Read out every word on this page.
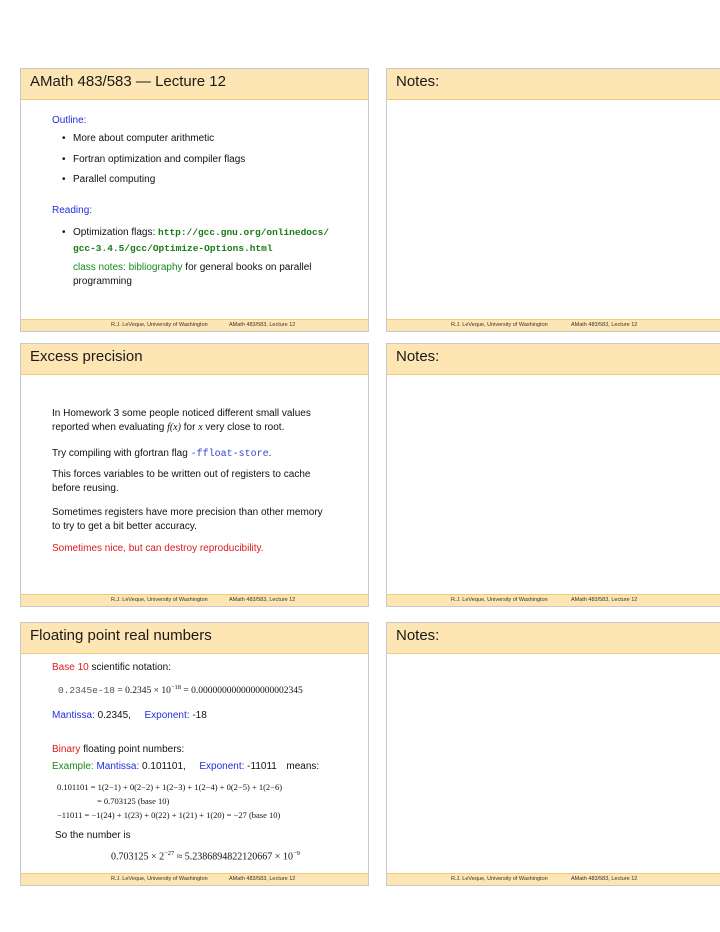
AMath 483/583 — Lecture 12
Outline:
• More about computer arithmetic
• Fortran optimization and compiler flags
• Parallel computing
Reading:
• Optimization flags: http://gcc.gnu.org/onlinedocs/
gcc-3.4.5/gcc/Optimize-Options.html
class notes: bibliography for general books on parallel
programming
R.J. LeVeque, University of Washington	AMath 483/583, Lecture 12
Notes:
R.J. LeVeque, University of Washington	AMath 483/583, Lecture 12
Excess precision
In Homework 3 some people noticed different small values
reported when evaluating f(x) for x very close to root.
Try compiling with gfortran flag -ffloat-store.
This forces variables to be written out of registers to cache
before reusing.
Sometimes registers have more precision than other memory
to try to get a bit better accuracy.
Sometimes nice, but can destroy reproducibility.
R.J. LeVeque, University of Washington	AMath 483/583, Lecture 12
Notes:
R.J. LeVeque, University of Washington	AMath 483/583, Lecture 12
Floating point real numbers
Base 10 scientific notation:
$0.2345e-18 = 0.2345 \times 10^{-18} = 0.0000000000000000002345$
Mantissa: 0.2345, Exponent: -18
Binary floating point numbers:
Example: Mantissa: 0.101101, Exponent: -11011 means:
0.101101 = 1(2−1) + 0(2−2) + 1(2−3) + 1(2−4) + 0(2−5) + 1(2−6)
= 0.703125 (base 10)
−11011 = −1(24) + 1(23) + 0(22) + 1(21) + 1(20) = −27 (base 10)
So the number is
$0.703125 \times 2^{-27} \approx 5.2386894822120667 \times 10^{-9}$
R.J. LeVeque, University of Washington	AMath 483/583, Lecture 12
Notes:
R.J. LeVeque, University of Washington	AMath 483/583, Lecture 12
